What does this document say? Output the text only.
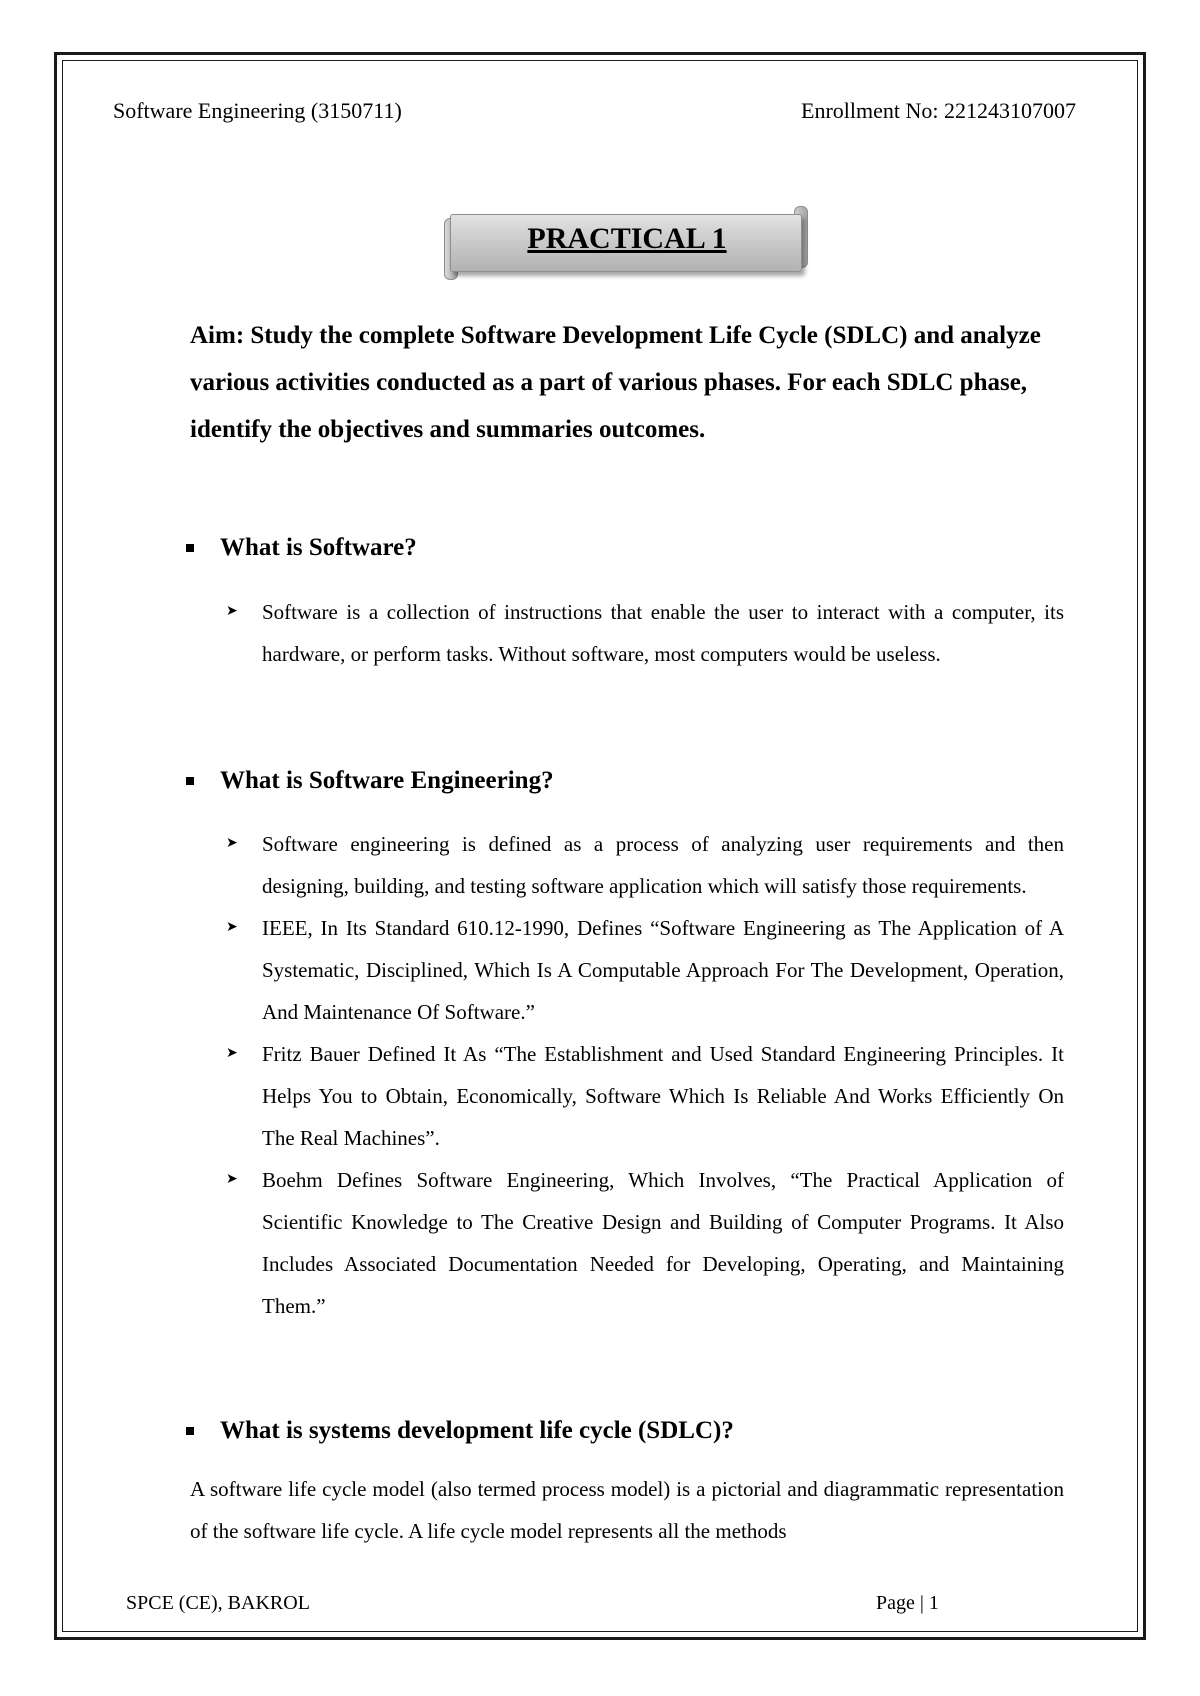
Software Engineering (3150711)	Enrollment No: 221243107007
PRACTICAL 1
Aim: Study the complete Software Development Life Cycle (SDLC) and analyze various activities conducted as a part of various phases. For each SDLC phase, identify the objectives and summaries outcomes.
What is Software?
➤ Software is a collection of instructions that enable the user to interact with a computer, its hardware, or perform tasks. Without software, most computers would be useless.
What is Software Engineering?
➤ Software engineering is defined as a process of analyzing user requirements and then designing, building, and testing software application which will satisfy those requirements.
➤ IEEE, In Its Standard 610.12-1990, Defines “Software Engineering as The Application of A Systematic, Disciplined, Which Is A Computable Approach For The Development, Operation, And Maintenance Of Software.”
➤ Fritz Bauer Defined It As “The Establishment and Used Standard Engineering Principles. It Helps You to Obtain, Economically, Software Which Is Reliable And Works Efficiently On The Real Machines”.
➤ Boehm Defines Software Engineering, Which Involves, “The Practical Application of Scientific Knowledge to The Creative Design and Building of Computer Programs. It Also Includes Associated Documentation Needed for Developing, Operating, and Maintaining Them.”
What is systems development life cycle (SDLC)?
A software life cycle model (also termed process model) is a pictorial and diagrammatic representation of the software life cycle. A life cycle model represents all the methods
SPCE (CE), BAKROL	Page | 1
